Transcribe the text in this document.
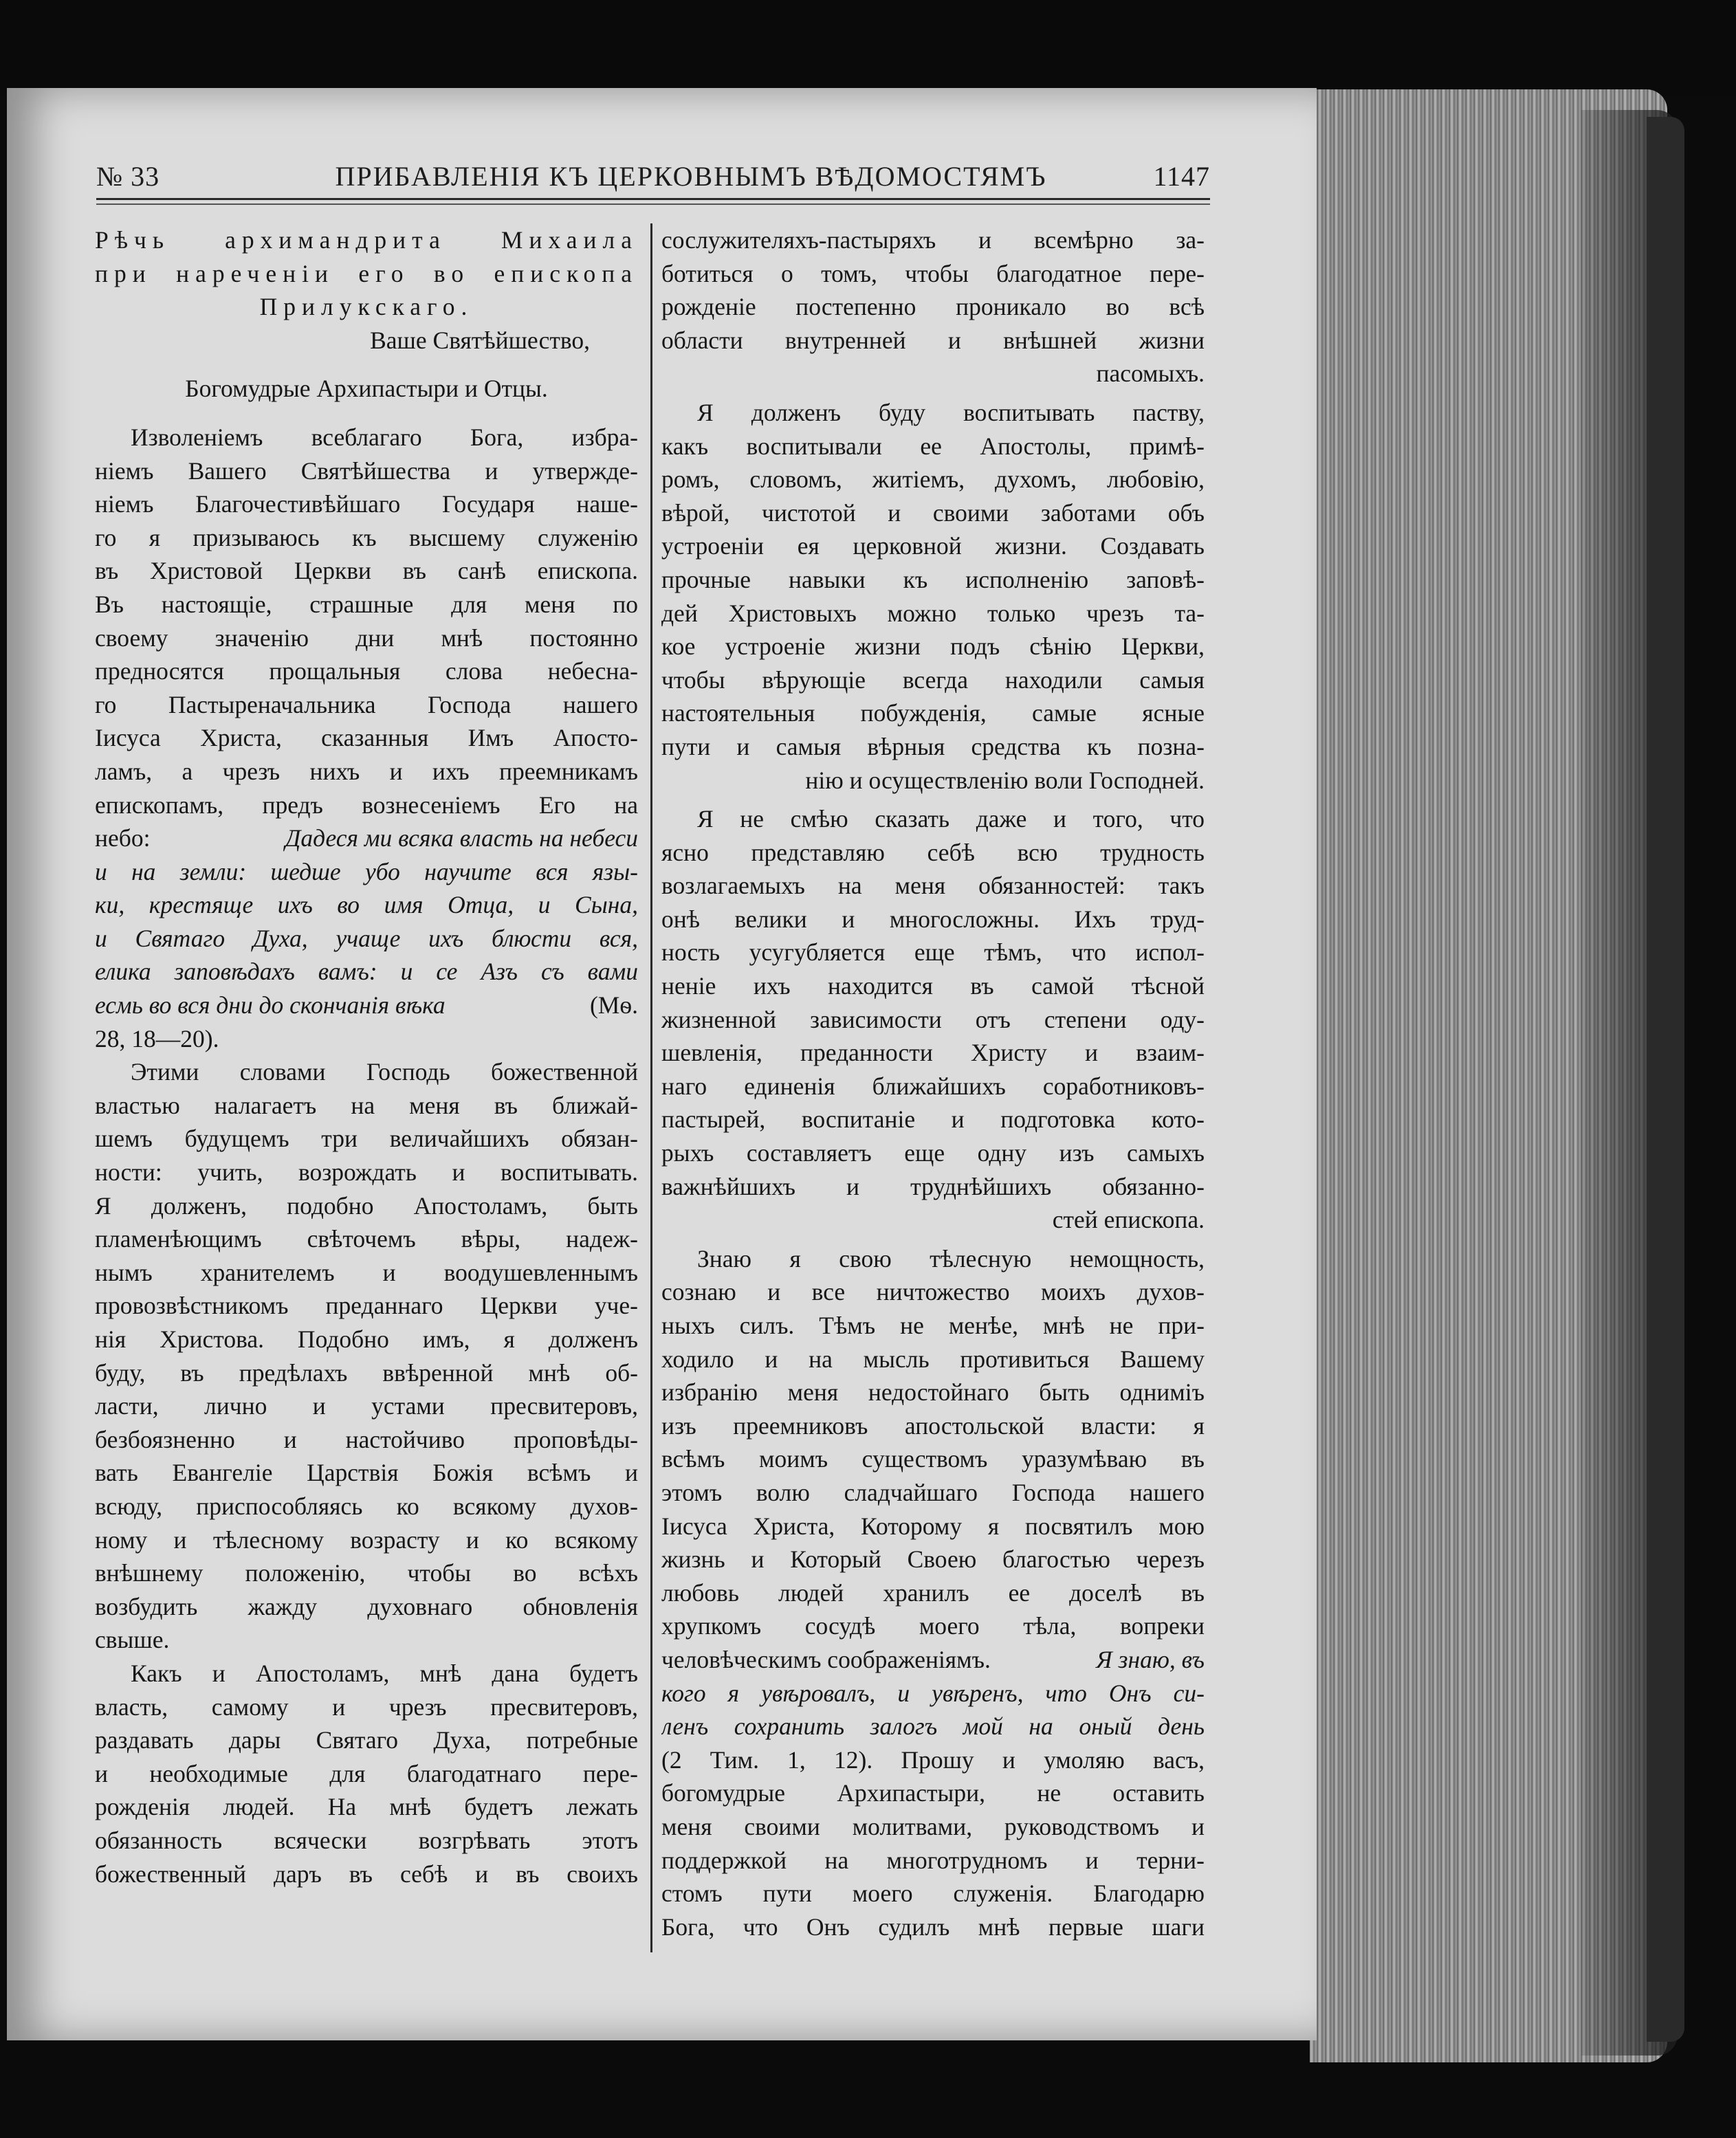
№ 33	ПРИБАВЛЕНІЯ КЪ ЦЕРКОВНЫМЪ ВѢДОМОСТЯМЪ	1147
Рѣчь архимандрита Михаила
при нареченіи его во епископа
Прилукскаго.
Ваше Святѣйшество,
Богомудрые Архипастыри и Отцы.
Изволеніемъ всеблагаго Бога, избра-
ніемъ Вашего Святѣйшества и утвержде-
ніемъ Благочестивѣйшаго Государя наше-
го я призываюсь къ высшему служенію
въ Христовой Церкви въ санѣ епископа.
Въ настоящіе, страшные для меня по
своему значенію дни мнѣ постоянно
предносятся прощальныя слова небесна-
го Пастыреначальника Господа нашего
Іисуса Христа, сказанныя Имъ Апосто-
ламъ, а чрезъ нихъ и ихъ преемникамъ
епископамъ, предъ вознесеніемъ Его на
небо:	Дадеся ми всяка власть на небеси
и на земли: шедше убо научите вся язы-
ки, крестяще ихъ во имя Отца, и Сына,
и Святаго Духа, учаще ихъ блюсти вся,
елика заповѣдахъ вамъ: и се Азъ съ вами
есмь во вся дни до скончанія вѣка	(Мѳ.
28, 18—20).
Этими словами Господь божественной
властью налагаетъ на меня въ ближай-
шемъ будущемъ три величайшихъ обязан-
ности: учить, возрождать и воспитывать.
Я долженъ, подобно Апостоламъ, быть
пламенѣющимъ свѣточемъ вѣры, надеж-
нымъ хранителемъ и воодушевленнымъ
провозвѣстникомъ преданнаго Церкви уче-
нія Христова. Подобно имъ, я долженъ
буду, въ предѣлахъ ввѣренной мнѣ об-
ласти, лично и устами пресвитеровъ,
безбоязненно и настойчиво проповѣды-
вать Евангеліе Царствія Божія всѣмъ и
всюду, приспособляясь ко всякому духов-
ному и тѣлесному возрасту и ко всякому
внѣшнему положенію, чтобы во всѣхъ
возбудить жажду духовнаго обновленія
свыше.
Какъ и Апостоламъ, мнѣ дана будетъ
власть, самому и чрезъ пресвитеровъ,
раздавать дары Святаго Духа, потребные
и необходимые для благодатнаго пере-
рожденія людей. На мнѣ будетъ лежать
обязанность всячески возгрѣвать этотъ
божественный даръ въ себѣ и въ своихъ
сослужителяхъ-пастыряхъ и всемѣрно за-
ботиться о томъ, чтобы благодатное пере-
рожденіе постепенно проникало во всѣ
области внутренней и внѣшней жизни
пасомыхъ.
Я долженъ буду воспитывать паству,
какъ воспитывали ее Апостолы, примѣ-
ромъ, словомъ, житіемъ, духомъ, любовію,
вѣрой, чистотой и своими заботами объ
устроеніи ея церковной жизни. Создавать
прочные навыки къ исполненію заповѣ-
дей Христовыхъ можно только чрезъ та-
кое устроеніе жизни подъ сѣнію Церкви,
чтобы вѣрующіе всегда находили самыя
настоятельныя побужденія, самые ясные
пути и самыя вѣрныя средства къ позна-
нію и осуществленію воли Господней.
Я не смѣю сказать даже и того, что
ясно представляю себѣ всю трудность
возлагаемыхъ на меня обязанностей: такъ
онѣ велики и многосложны. Ихъ труд-
ность усугубляется еще тѣмъ, что испол-
неніе ихъ находится въ самой тѣсной
жизненной зависимости отъ степени оду-
шевленія, преданности Христу и взаим-
наго единенія ближайшихъ соработниковъ-
пастырей, воспитаніе и подготовка кото-
рыхъ составляетъ еще одну изъ самыхъ
важнѣйшихъ и труднѣйшихъ обязанно-
стей епископа.
Знаю я свою тѣлесную немощность,
сознаю и все ничтожество моихъ духов-
ныхъ силъ. Тѣмъ не менѣе, мнѣ не при-
ходило и на мысль противиться Вашему
избранію меня недостойнаго быть одниміъ
изъ преемниковъ апостольской власти: я
всѣмъ моимъ существомъ уразумѣваю въ
этомъ волю сладчайшаго Господа нашего
Іисуса Христа, Которому я посвятилъ мою
жизнь и Который Своею благостью черезъ
любовь людей хранилъ ее доселѣ въ
хрупкомъ сосудѣ моего тѣла, вопреки
человѣческимъ соображеніямъ.	Я знаю, въ
кого я увѣровалъ, и увѣренъ, что Онъ си-
ленъ сохранить залогъ мой на оный день
(2 Тим. 1, 12). Прошу и умоляю васъ,
богомудрые Архипастыри, не оставить
меня своими молитвами, руководствомъ и
поддержкой на многотрудномъ и терни-
стомъ пути моего служенія. Благодарю
Бога, что Онъ судилъ мнѣ первые шаги
